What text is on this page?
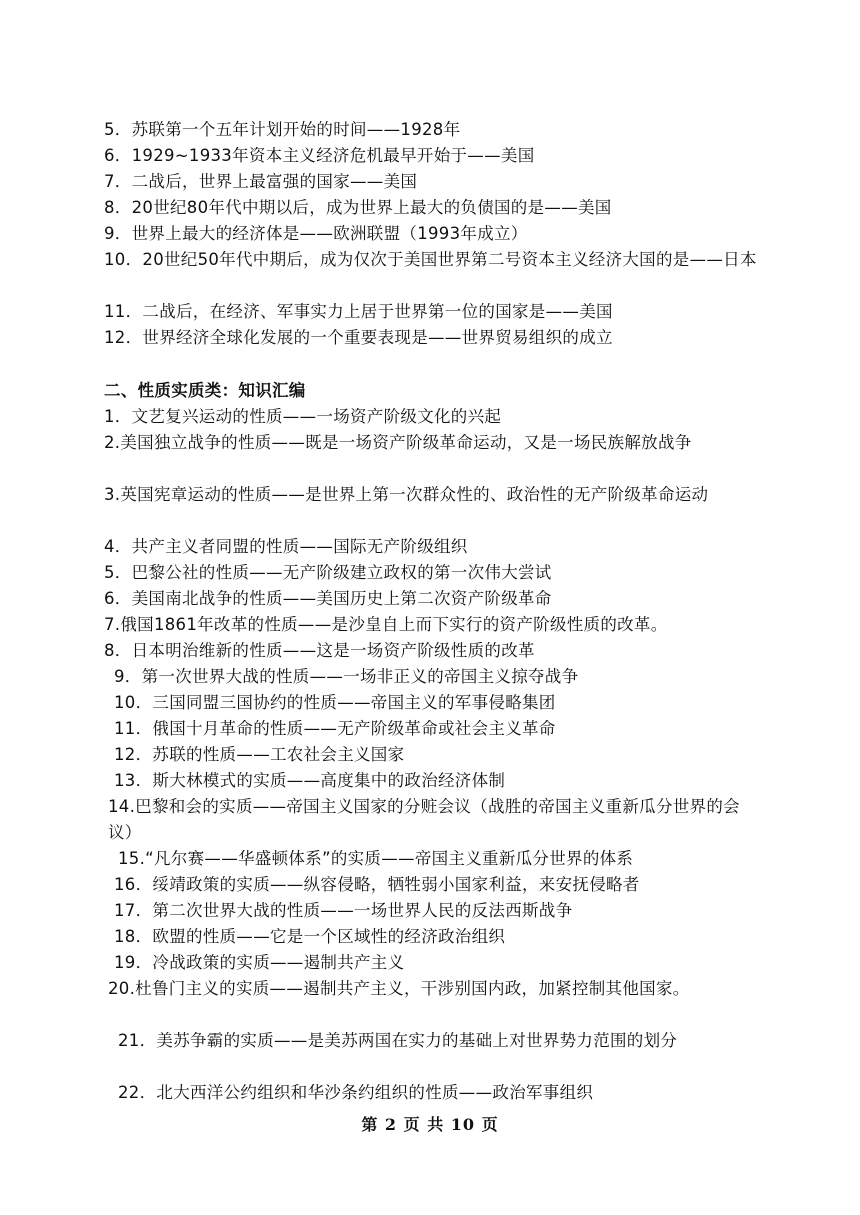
5．苏联第一个五年计划开始的时间——1928年
6．1929~1933年资本主义经济危机最早开始于——美国
7．二战后，世界上最富强的国家——美国
8．20世纪80年代中期以后，成为世界上最大的负债国的是——美国
9．世界上最大的经济体是——欧洲联盟（1993年成立）
10．20世纪50年代中期后，成为仅次于美国世界第二号资本主义经济大国的是——日本
11．二战后，在经济、军事实力上居于世界第一位的国家是——美国
12．世界经济全球化发展的一个重要表现是——世界贸易组织的成立
二、性质实质类：知识汇编
1．文艺复兴运动的性质——一场资产阶级文化的兴起
2.美国独立战争的性质——既是一场资产阶级革命运动，又是一场民族解放战争
3.英国宪章运动的性质——是世界上第一次群众性的、政治性的无产阶级革命运动
4．共产主义者同盟的性质——国际无产阶级组织
5．巴黎公社的性质——无产阶级建立政权的第一次伟大尝试
6．美国南北战争的性质——美国历史上第二次资产阶级革命
7.俄国1861年改革的性质——是沙皇自上而下实行的资产阶级性质的改革。
8．日本明治维新的性质——这是一场资产阶级性质的改革
9．第一次世界大战的性质——一场非正义的帝国主义掠夺战争
10．三国同盟三国协约的性质——帝国主义的军事侵略集团
11．俄国十月革命的性质——无产阶级革命或社会主义革命
12．苏联的性质——工农社会主义国家
13．斯大林模式的实质——高度集中的政治经济体制
14.巴黎和会的实质——帝国主义国家的分赃会议（战胜的帝国主义重新瓜分世界的会议）
15.“凡尔赛——华盛顿体系”的实质——帝国主义重新瓜分世界的体系
16．绥靖政策的实质——纵容侵略，牺牲弱小国家利益，来安抚侵略者
17．第二次世界大战的性质——一场世界人民的反法西斯战争
18．欧盟的性质——它是一个区域性的经济政治组织
19．冷战政策的实质——遏制共产主义
20.杜鲁门主义的实质——遏制共产主义，干涉别国内政，加紧控制其他国家。
21．美苏争霸的实质——是美苏两国在实力的基础上对世界势力范围的划分
22．北大西洋公约组织和华沙条约组织的性质——政治军事组织
第 2 页 共 10 页
